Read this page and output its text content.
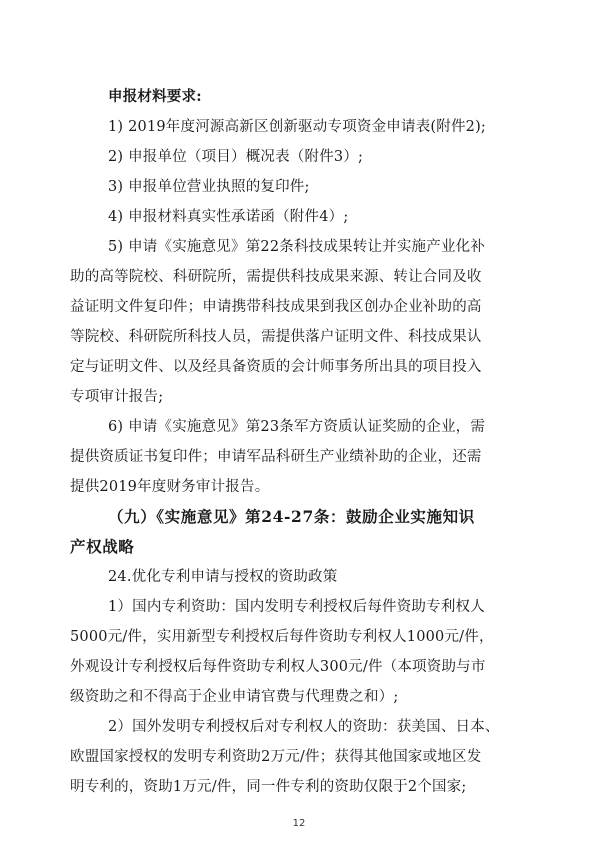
申报材料要求:
1) 2019年度河源高新区创新驱动专项资金申请表(附件2);
2) 申报单位（项目）概况表（附件3）;
3) 申报单位营业执照的复印件;
4) 申报材料真实性承诺函（附件4）;
5) 申请《实施意见》第22条科技成果转让并实施产业化补
助的高等院校、科研院所，需提供科技成果来源、转让合同及收
益证明文件复印件；申请携带科技成果到我区创办企业补助的高
等院校、科研院所科技人员，需提供落户证明文件、科技成果认
定与证明文件、以及经具备资质的会计师事务所出具的项目投入
专项审计报告;
6) 申请《实施意见》第23条军方资质认证奖励的企业，需
提供资质证书复印件；申请军品科研生产业绩补助的企业，还需
提供2019年度财务审计报告。
（九）《实施意见》第24-27条：鼓励企业实施知识
产权战略
24.优化专利申请与授权的资助政策
1）国内专利资助：国内发明专利授权后每件资助专利权人
5000元/件，实用新型专利授权后每件资助专利权人1000元/件，
外观设计专利授权后每件资助专利权人300元/件（本项资助与市
级资助之和不得高于企业申请官费与代理费之和）;
2）国外发明专利授权后对专利权人的资助：获美国、日本、
欧盟国家授权的发明专利资助2万元/件；获得其他国家或地区发
明专利的，资助1万元/件，同一件专利的资助仅限于2个国家;
12
